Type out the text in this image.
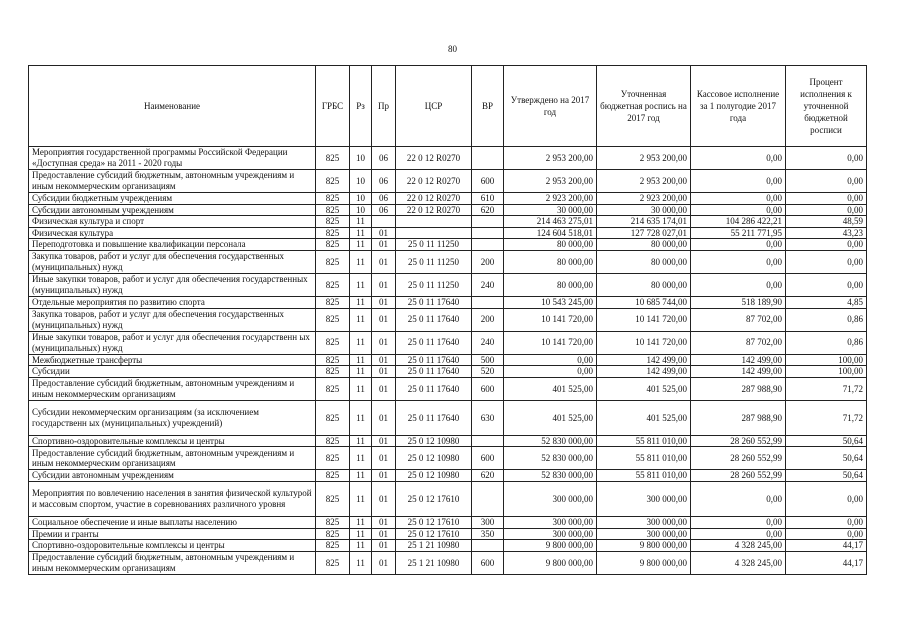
80
Наименование	ГРБС	Рз	Пр	ЦСР	ВР	Утверждено на 2017 год	Уточненная бюджетная роспись на 2017 год	Кассовое исполнение за 1 полугодие 2017 года	Процент исполнения к уточненной бюджетной росписи
Мероприятия государственной программы Российской Федерации «Доступная среда» на 2011 - 2020 годы	825	10	06	22 0 12 R0270		2 953 200,00	2 953 200,00	0,00	0,00
Предоставление субсидий бюджетным, автономным учреждениям и иным некоммерческим организациям	825	10	06	22 0 12 R0270	600	2 953 200,00	2 953 200,00	0,00	0,00
Субсидии бюджетным учреждениям	825	10	06	22 0 12 R0270	610	2 923 200,00	2 923 200,00	0,00	0,00
Субсидии автономным учреждениям	825	10	06	22 0 12 R0270	620	30 000,00	30 000,00	0,00	0,00
Физическая культура и спорт	825	11				214 463 275,01	214 635 174,01	104 286 422,21	48,59
Физическая культура	825	11	01			124 604 518,01	127 728 027,01	55 211 771,95	43,23
Переподготовка и повышение квалификации персонала	825	11	01	25 0 11 11250		80 000,00	80 000,00	0,00	0,00
Закупка товаров, работ и услуг для обеспечения государственных (муниципальных) нужд	825	11	01	25 0 11 11250	200	80 000,00	80 000,00	0,00	0,00
Иные закупки товаров, работ и услуг для обеспечения государственных (муниципальных) нужд	825	11	01	25 0 11 11250	240	80 000,00	80 000,00	0,00	0,00
Отдельные мероприятия по развитию спорта	825	11	01	25 0 11 17640		10 543 245,00	10 685 744,00	518 189,90	4,85
Закупка товаров, работ и услуг для обеспечения государственных (муниципальных) нужд	825	11	01	25 0 11 17640	200	10 141 720,00	10 141 720,00	87 702,00	0,86
Иные закупки товаров, работ и услуг для обеспечения государственн ых (муниципальных) нужд	825	11	01	25 0 11 17640	240	10 141 720,00	10 141 720,00	87 702,00	0,86
Межбюджетные трансферты	825	11	01	25 0 11 17640	500	0,00	142 499,00	142 499,00	100,00
Субсидии	825	11	01	25 0 11 17640	520	0,00	142 499,00	142 499,00	100,00
Предоставление субсидий бюджетным, автономным учреждениям и иным некоммерческим организациям	825	11	01	25 0 11 17640	600	401 525,00	401 525,00	287 988,90	71,72
Субсидии некоммерческим организациям (за исключением государственн ых (муниципальных) учреждений)	825	11	01	25 0 11 17640	630	401 525,00	401 525,00	287 988,90	71,72
Спортивно-оздоровительные комплексы и центры	825	11	01	25 0 12 10980		52 830 000,00	55 811 010,00	28 260 552,99	50,64
Предоставление субсидий бюджетным, автономным учреждениям и иным некоммерческим организациям	825	11	01	25 0 12 10980	600	52 830 000,00	55 811 010,00	28 260 552,99	50,64
Субсидии автономным учреждениям	825	11	01	25 0 12 10980	620	52 830 000,00	55 811 010,00	28 260 552,99	50,64
Мероприятия по вовлечению населения в занятия физической культурой и массовым спортом, участие в соревнованиях различного уровня	825	11	01	25 0 12 17610		300 000,00	300 000,00	0,00	0,00
Социальное обеспечение и иные выплаты населению	825	11	01	25 0 12 17610	300	300 000,00	300 000,00	0,00	0,00
Премии и гранты	825	11	01	25 0 12 17610	350	300 000,00	300 000,00	0,00	0,00
Спортивно-оздоровительные комплексы и центры	825	11	01	25 1 21 10980		9 800 000,00	9 800 000,00	4 328 245,00	44,17
Предоставление субсидий бюджетным, автономным учреждениям и иным некоммерческим организациям	825	11	01	25 1 21 10980	600	9 800 000,00	9 800 000,00	4 328 245,00	44,17
